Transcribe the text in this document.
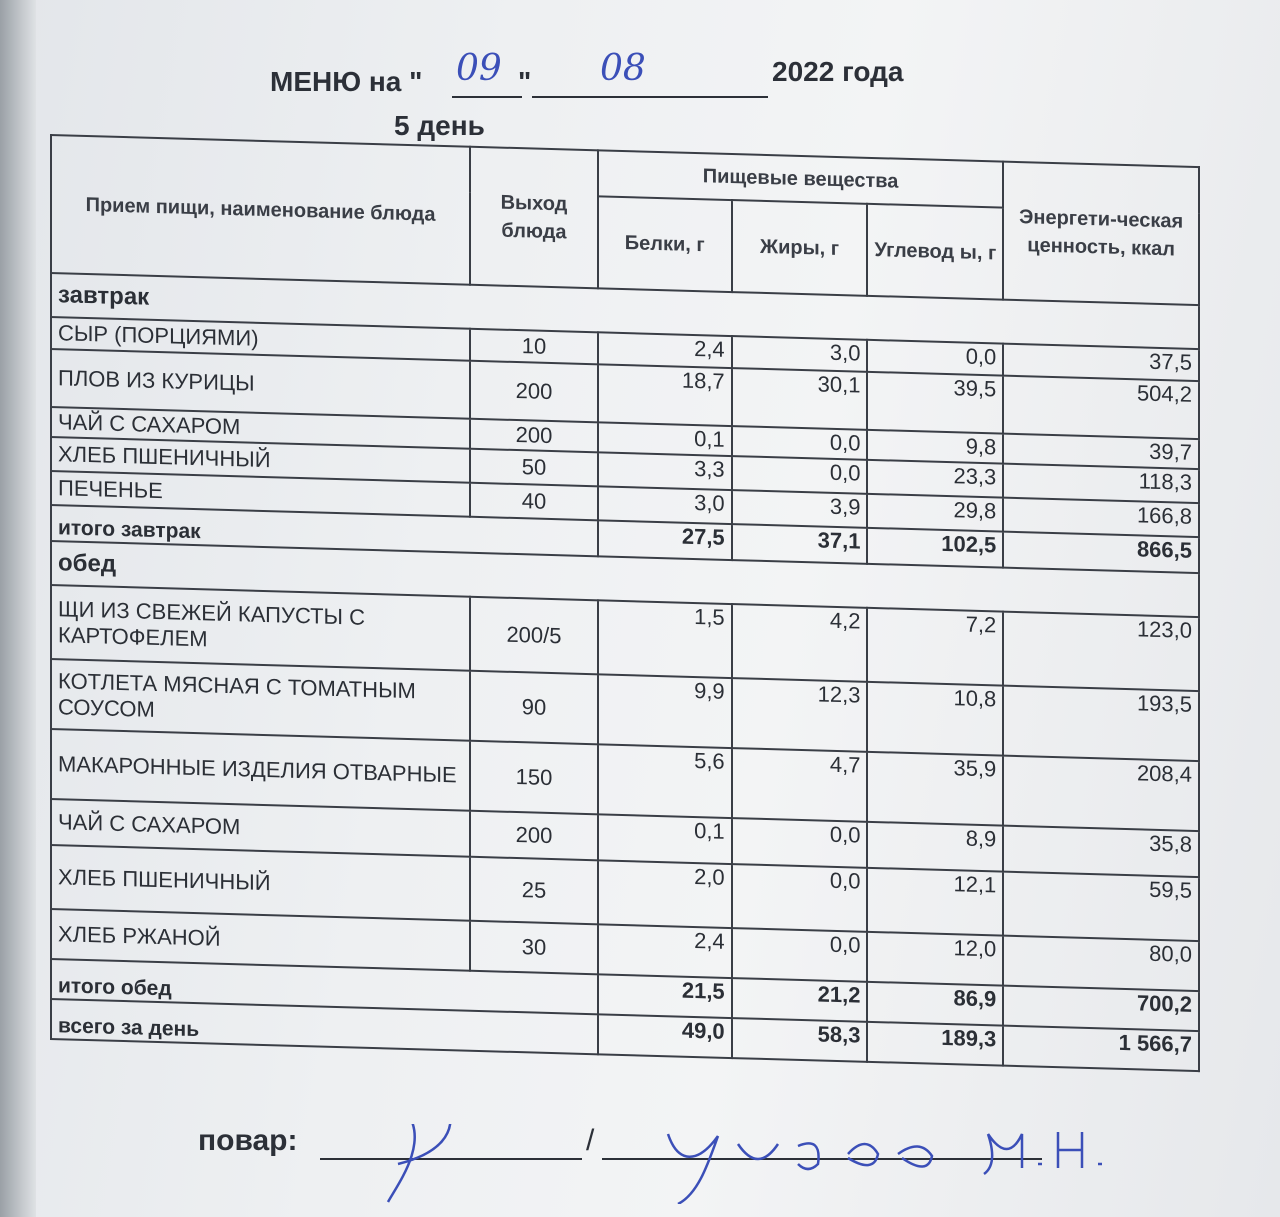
МЕНЮ на " 09 " 08	2022 года
5 день
Прием пищи, наименование блюда	Выход блюда	Пищевые вещества			Энергети-ческая ценность, ккал
		Белки, г	Жиры, г	Углевод ы, г	
завтрак					
СЫР (ПОРЦИЯМИ)	10	2,4	3,0	0,0	37,5
ПЛОВ ИЗ КУРИЦЫ	200	18,7	30,1	39,5	504,2
ЧАЙ С САХАРОМ	200	0,1	0,0	9,8	39,7
ХЛЕБ ПШЕНИЧНЫЙ	50	3,3	0,0	23,3	118,3
ПЕЧЕНЬЕ	40	3,0	3,9	29,8	166,8
итого завтрак		27,5	37,1	102,5	866,5
обед					
ЩИ ИЗ СВЕЖЕЙ КАПУСТЫ С КАРТОФЕЛЕМ	200/5	1,5	4,2	7,2	123,0
КОТЛЕТА МЯСНАЯ С ТОМАТНЫМ СОУСОМ	90	9,9	12,3	10,8	193,5
МАКАРОННЫЕ ИЗДЕЛИЯ ОТВАРНЫЕ	150	5,6	4,7	35,9	208,4
ЧАЙ С САХАРОМ	200	0,1	0,0	8,9	35,8
ХЛЕБ ПШЕНИЧНЫЙ	25	2,0	0,0	12,1	59,5
ХЛЕБ РЖАНОЙ	30	2,4	0,0	12,0	80,0
итого обед		21,5	21,2	86,9	700,2
всего за день		49,0	58,3	189,3	1 566,7
повар:	/
